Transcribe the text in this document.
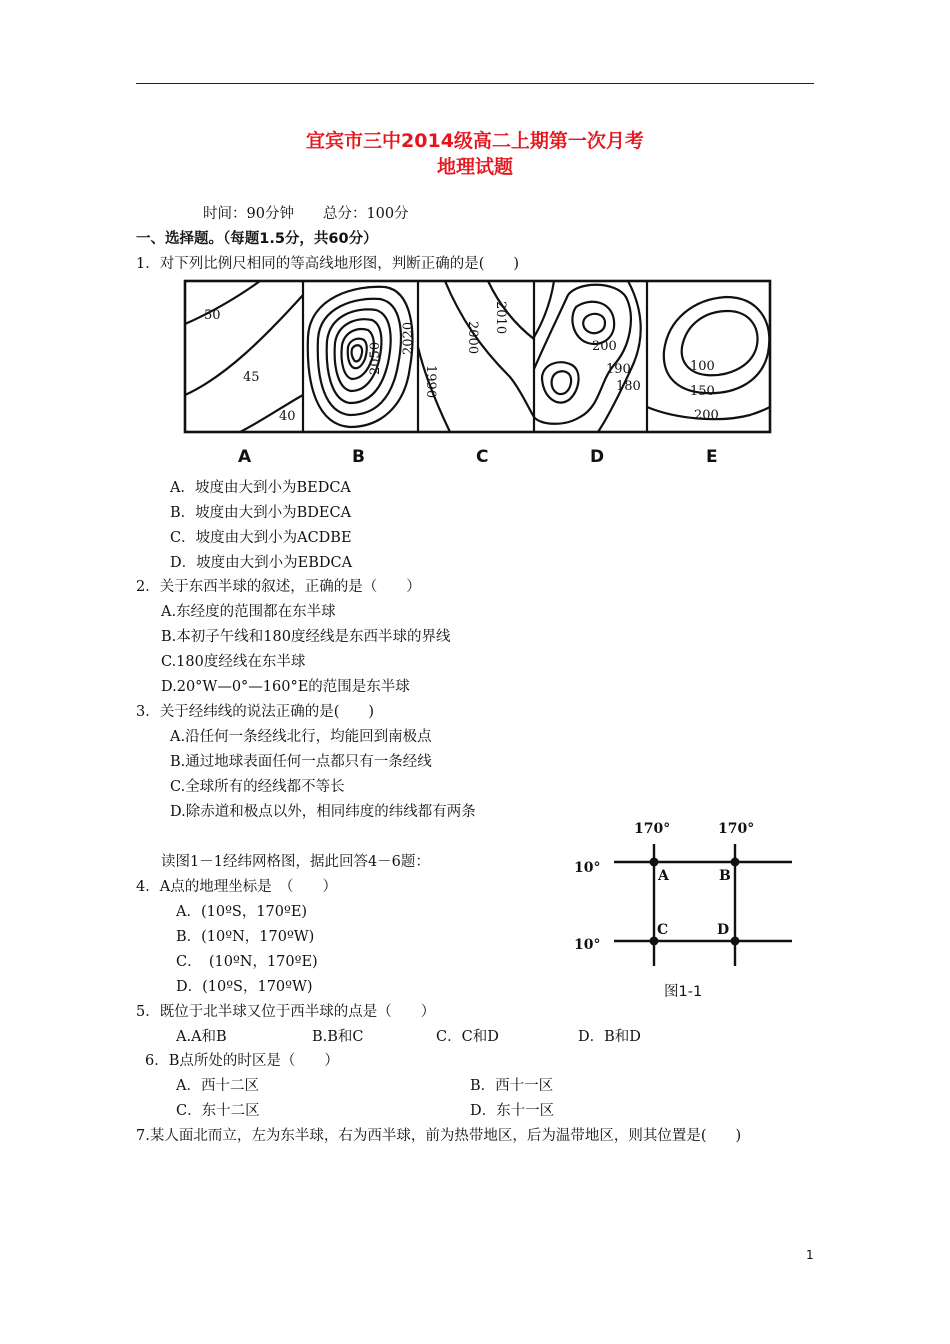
宜宾市三中2014级高二上期第一次月考
地理试题
时间：90分钟　　总分：100分
一、选择题。（每题1.5分，共60分）
1．对下列比例尺相同的等高线地形图，判断正确的是(　　)
50
45
40
2050
2020	2000
2010
1990
200
190
180
100
150
200
A	B	C	D	E
A．坡度由大到小为BEDCA
B．坡度由大到小为BDECA
C．坡度由大到小为ACDBE
D．坡度由大到小为EBDCA
2．关于东西半球的叙述，正确的是（　　）
A.东经度的范围都在东半球
B.本初子午线和180度经线是东西半球的界线
C.180度经线在东半球
D.20°W—0°—160°E的范围是东半球
3．关于经纬线的说法正确的是(　　)
A.沿任何一条经线北行，均能回到南极点
B.通过地球表面任何一点都只有一条经线
C.全球所有的经线都不等长
D.除赤道和极点以外，相同纬度的纬线都有两条
170°	170°
10°
10°
A	B
C	D
图1-1
读图1－1经纬网格图，据此回答4－6题：
4．A点的地理坐标是　（　　）
A．(10ºS，170ºE)
B．(10ºN，170ºW)
C．　(10ºN，170ºE)
D．(10ºS，170ºW)
5．既位于北半球又位于西半球的点是（　　）
A.A和B	B.B和C	C．C和D	D．B和D
6．B点所处的时区是（　　）
A．西十二区	B．西十一区
C．东十二区	D．东十一区
7.某人面北而立，左为东半球，右为西半球，前为热带地区，后为温带地区，则其位置是(　　)
1
